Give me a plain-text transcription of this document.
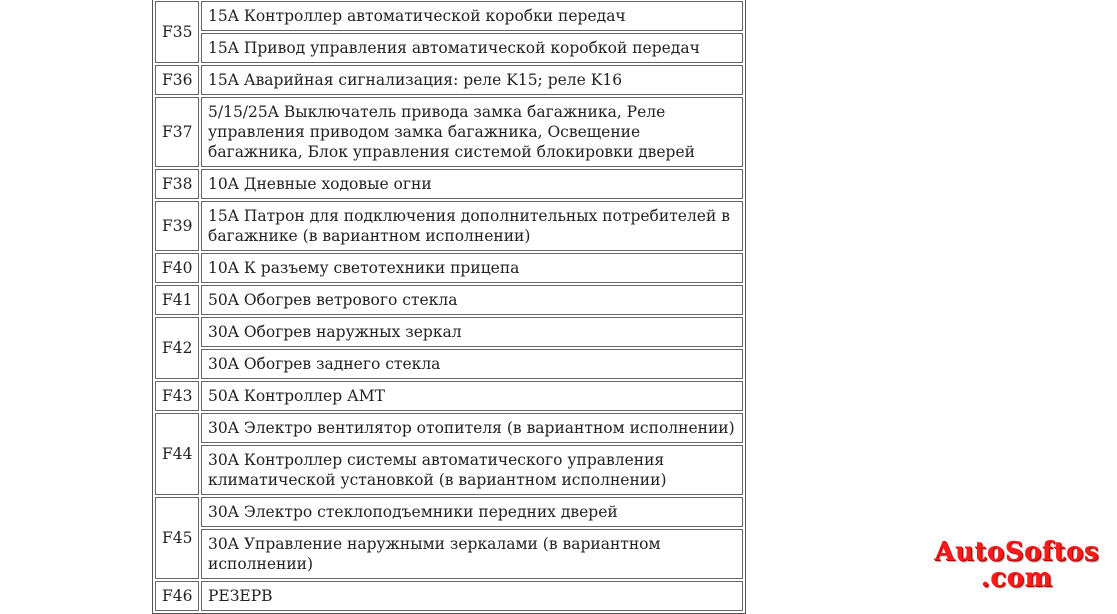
F35	15A Контроллер автоматической коробки передач
	15A Привод управления автоматической коробкой передач
F36	15A Аварийная сигнализация: реле K15; реле K16
F37	5/15/25A Выключатель привода замка багажника, Реле управления приводом замка багажника, Освещение багажника, Блок управления системой блокировки дверей
F38	10A Дневные ходовые огни
F39	15A Патрон для подключения дополнительных потребителей в багажнике (в вариантном исполнении)
F40	10A К разъему светотехники прицепа
F41	50A Обогрев ветрового стекла
F42	30A Обогрев наружных зеркал
	30A Обогрев заднего стекла
F43	50A Контроллер АМТ
F44	30A Электро вентилятор отопителя (в вариантном исполнении)
	30A Контроллер системы автоматического управления климатической установкой (в вариантном исполнении)
F45	30A Электро стеклоподъемники передних дверей
	30A Управление наружными зеркалами (в вариантном исполнении)
F46	РЕЗЕРВ
AutoSoftos
.com
